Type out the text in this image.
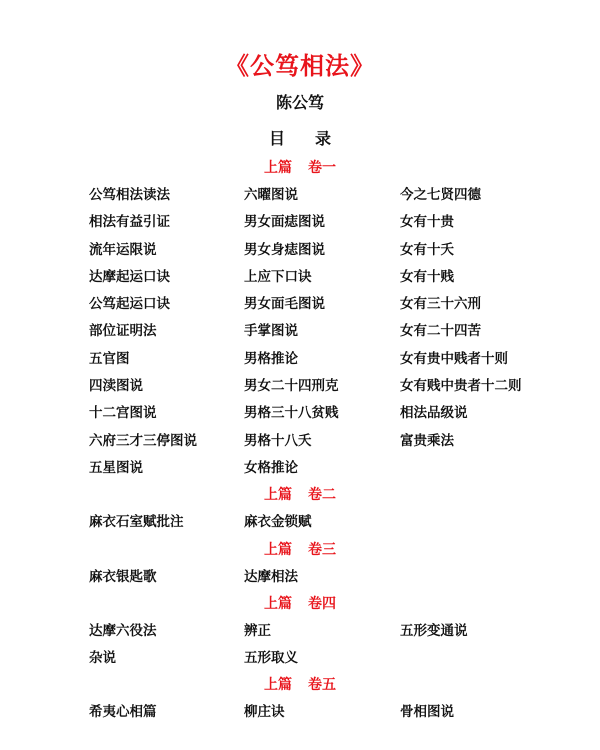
《公笃相法》
陈公笃
目 录
上篇 卷一
公笃相法读法	六曜图说	今之七贤四德
相法有益引证	男女面痣图说	女有十贵
流年运限说	男女身痣图说	女有十夭
达摩起运口诀	上应下口诀	女有十贱
公笃起运口诀	男女面毛图说	女有三十六刑
部位证明法	手掌图说	女有二十四苦
五官图	男格推论	女有贵中贱者十则
四渎图说	男女二十四刑克	女有贱中贵者十二则
十二宫图说	男格三十八贫贱	相法品级说
六府三才三停图说	男格十八夭	富贵乘法
五星图说	女格推论
上篇 卷二
麻衣石室赋批注	麻衣金锁赋
上篇 卷三
麻衣银匙歌	达摩相法
上篇 卷四
达摩六役法	辨正	五形变通说
杂说	五形取义
上篇 卷五
希夷心相篇	柳庄诀	骨相图说
